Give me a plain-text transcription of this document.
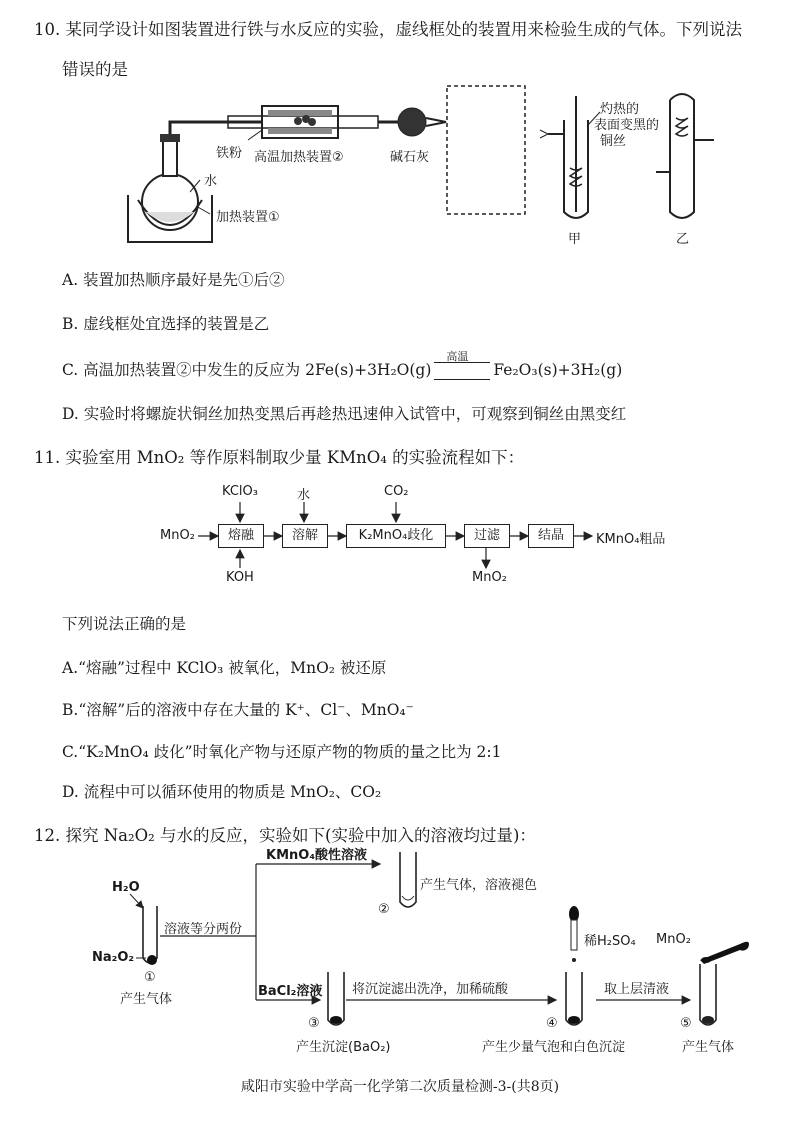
10. 某同学设计如图装置进行铁与水反应的实验，虚线框处的装置用来检验生成的气体。下列说法
错误的是
铁粉 高温加热装置②	碱石灰
水
加热装置①
灼热的
表面变黑的
铜丝
甲	乙
A. 装置加热顺序最好是先①后②
B. 虚线框处宜选择的装置是乙
C. 高温加热装置②中发生的反应为 2Fe(s)+3H₂O(g)
高温
Fe₂O₃(s)+3H₂(g)
D. 实验时将螺旋状铜丝加热变黑后再趁热迅速伸入试管中，可观察到铜丝由黑变红
11. 实验室用 MnO₂ 等作原料制取少量 KMnO₄ 的实验流程如下：
MnO₂
KClO₃	水	CO₂
KOH
熔融	溶解	K₂MnO₄歧化	过滤	结晶	KMnO₄粗品
MnO₂
下列说法正确的是
A.“熔融”过程中 KClO₃ 被氧化，MnO₂ 被还原
B.“溶解”后的溶液中存在大量的 K⁺、Cl⁻、MnO₄⁻
C.“K₂MnO₄ 歧化”时氧化产物与还原产物的物质的量之比为 2:1
D. 流程中可以循环使用的物质是 MnO₂、CO₂
12. 探究 Na₂O₂ 与水的反应，实验如下(实验中加入的溶液均过量)：
H₂O
Na₂O₂
①
产生气体
溶液等分两份
KMnO₄酸性溶液
②
产生气体，溶液褪色
BaCl₂溶液
③
产生沉淀(BaO₂)
将沉淀滤出洗净，加稀硫酸
稀H₂SO₄
④
产生少量气泡和白色沉淀
取上层清液
MnO₂
⑤
产生气体
咸阳市实验中学高一化学第二次质量检测-3-(共8页)
